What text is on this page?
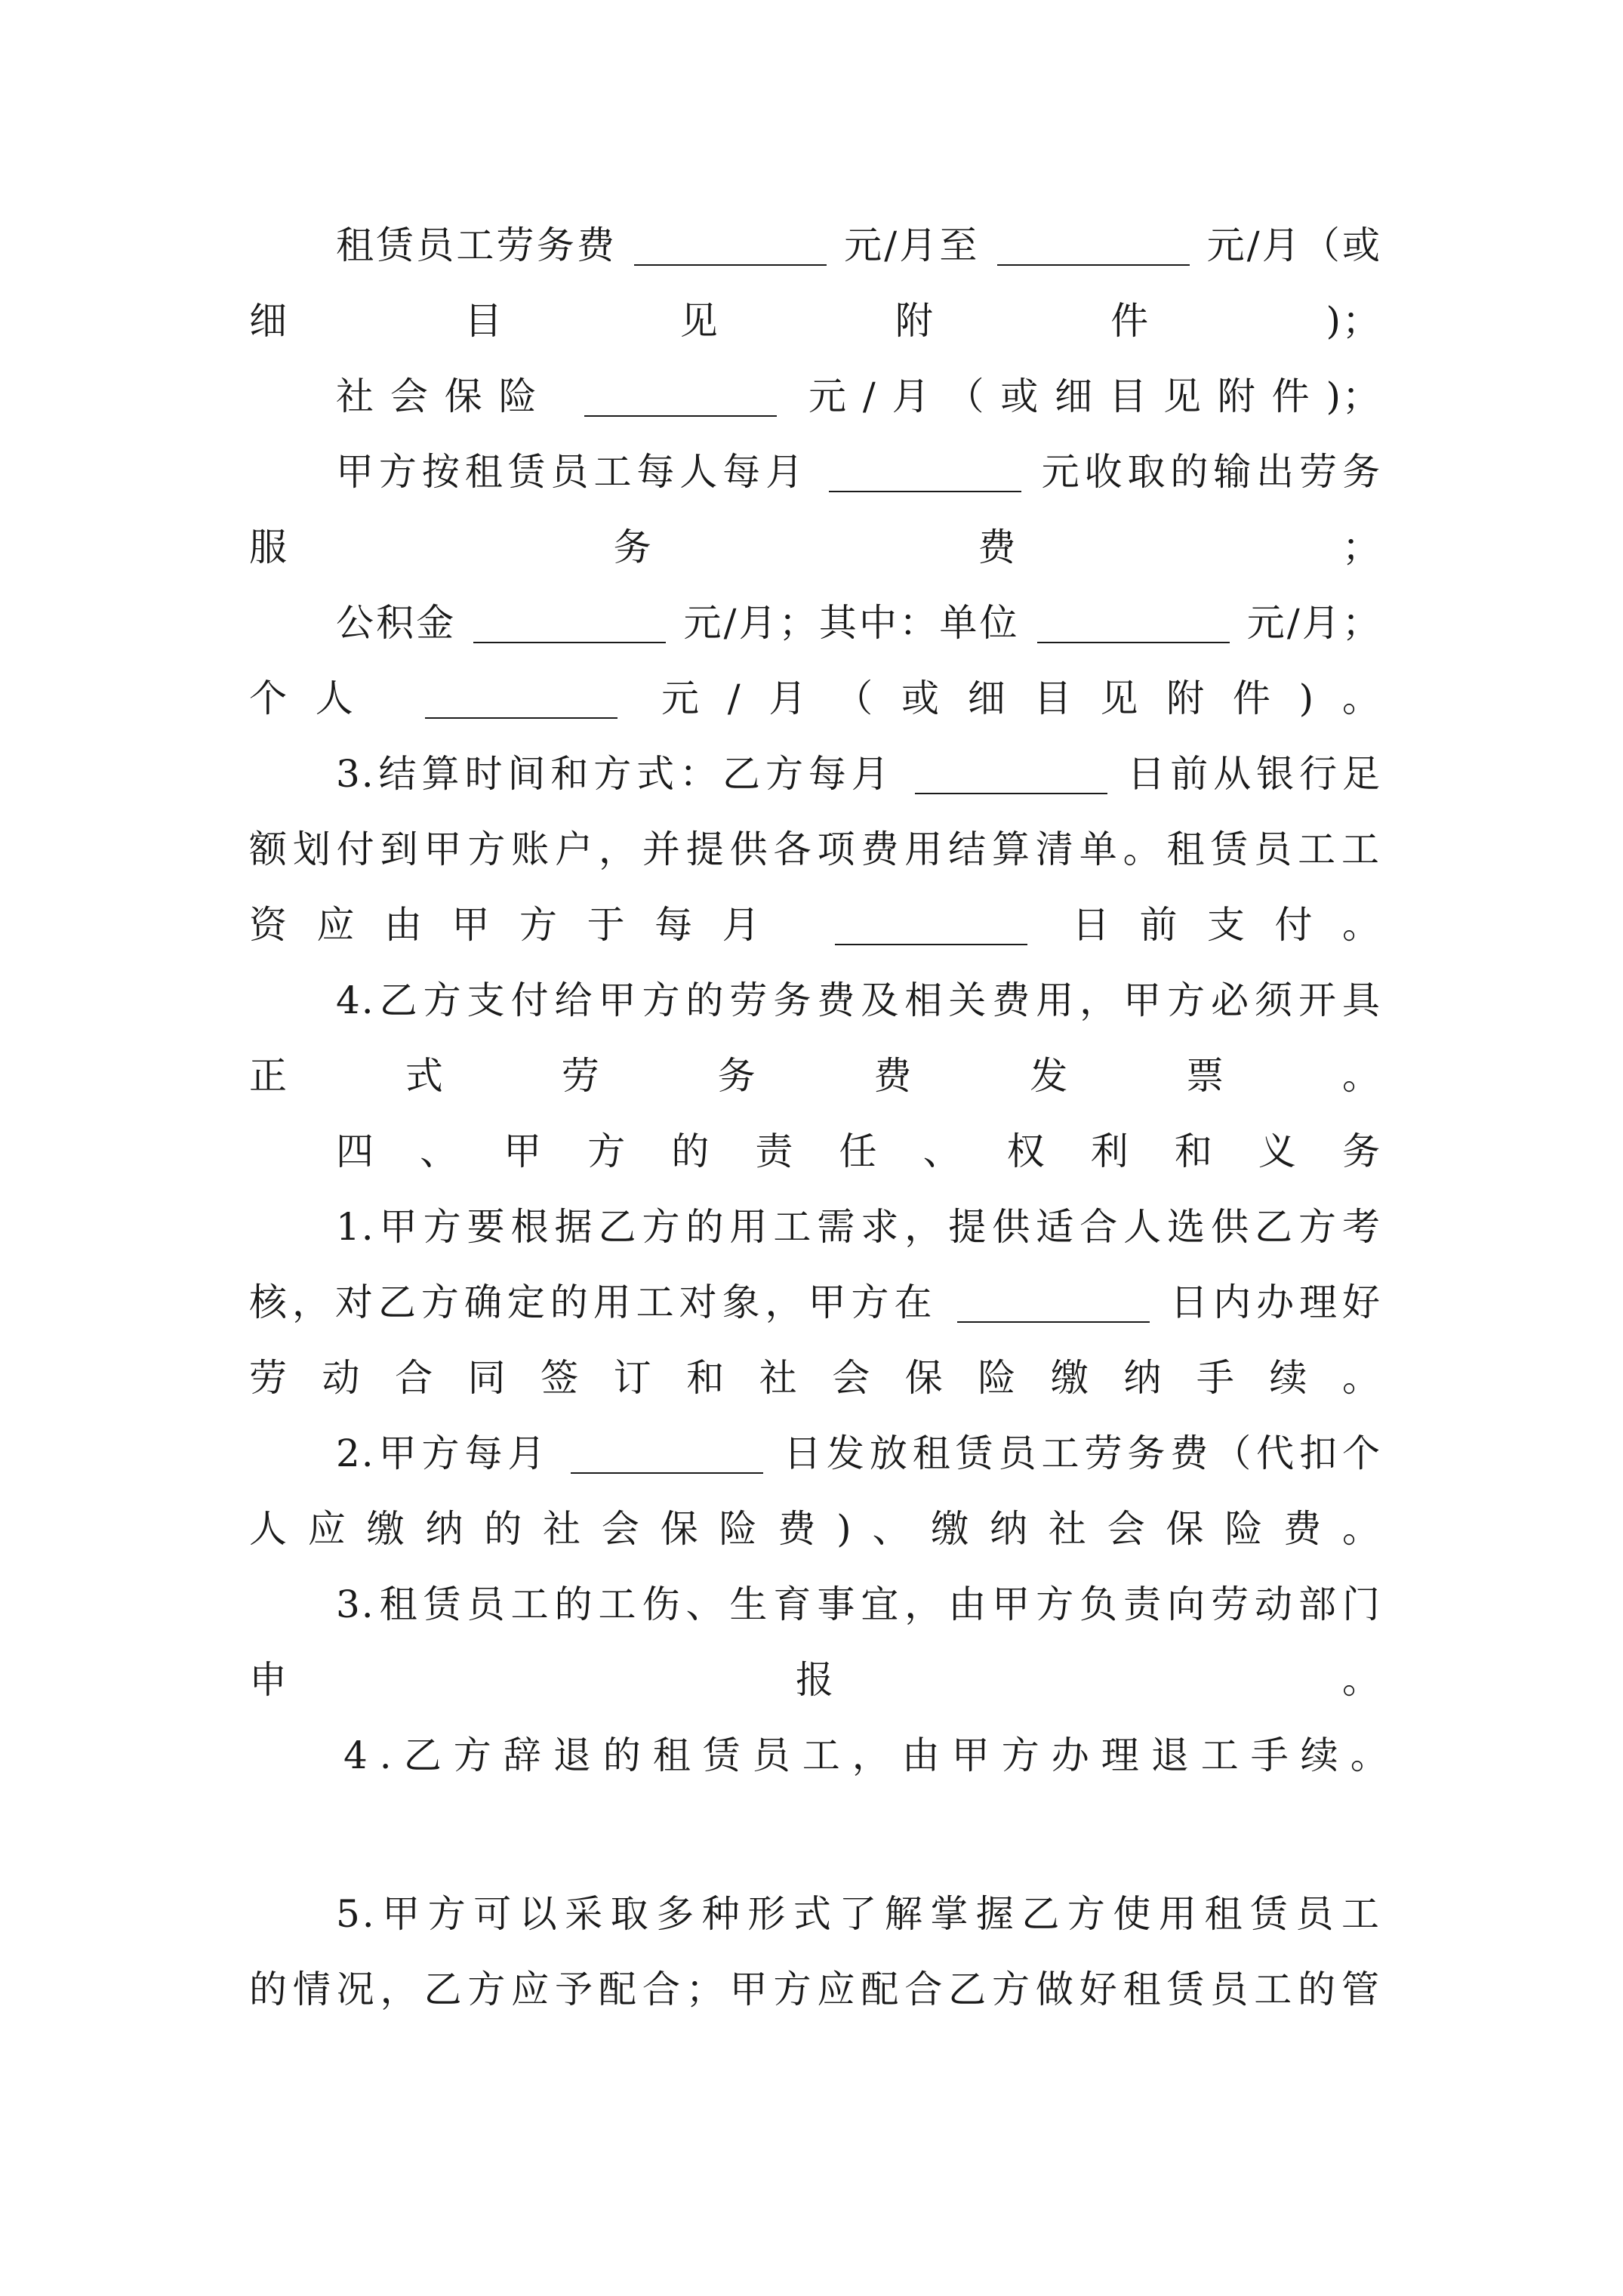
租赁员工劳务费	元/月至	元/月（或
细目见附件)；
社会保险	元/月（或细目见附件)；
甲方按租赁员工每人每月	元收取的输出劳务
服务费；
公积金	元/月；其中：单位	元/月；
个人	元/月（或细目见附件)。
3.结算时间和方式：乙方每月	日前从银行足
额划付到甲方账户，并提供各项费用结算清单。租赁员工工
资应由甲方于每月	日前支付。
4.乙方支付给甲方的劳务费及相关费用，甲方必须开具
正式劳务费发票。
四、甲方的责任、权利和义务
1.甲方要根据乙方的用工需求，提供适合人选供乙方考
核，对乙方确定的用工对象，甲方在	日内办理好
劳动合同签订和社会保险缴纳手续。
2.甲方每月	日发放租赁员工劳务费（代扣个
人应缴纳的社会保险费)、缴纳社会保险费。
3.租赁员工的工伤、生育事宜，由甲方负责向劳动部门
申报。
4.乙方辞退的租赁员工，由甲方办理退工手续。
5.甲方可以采取多种形式了解掌握乙方使用租赁员工
的情况，乙方应予配合；甲方应配合乙方做好租赁员工的管
